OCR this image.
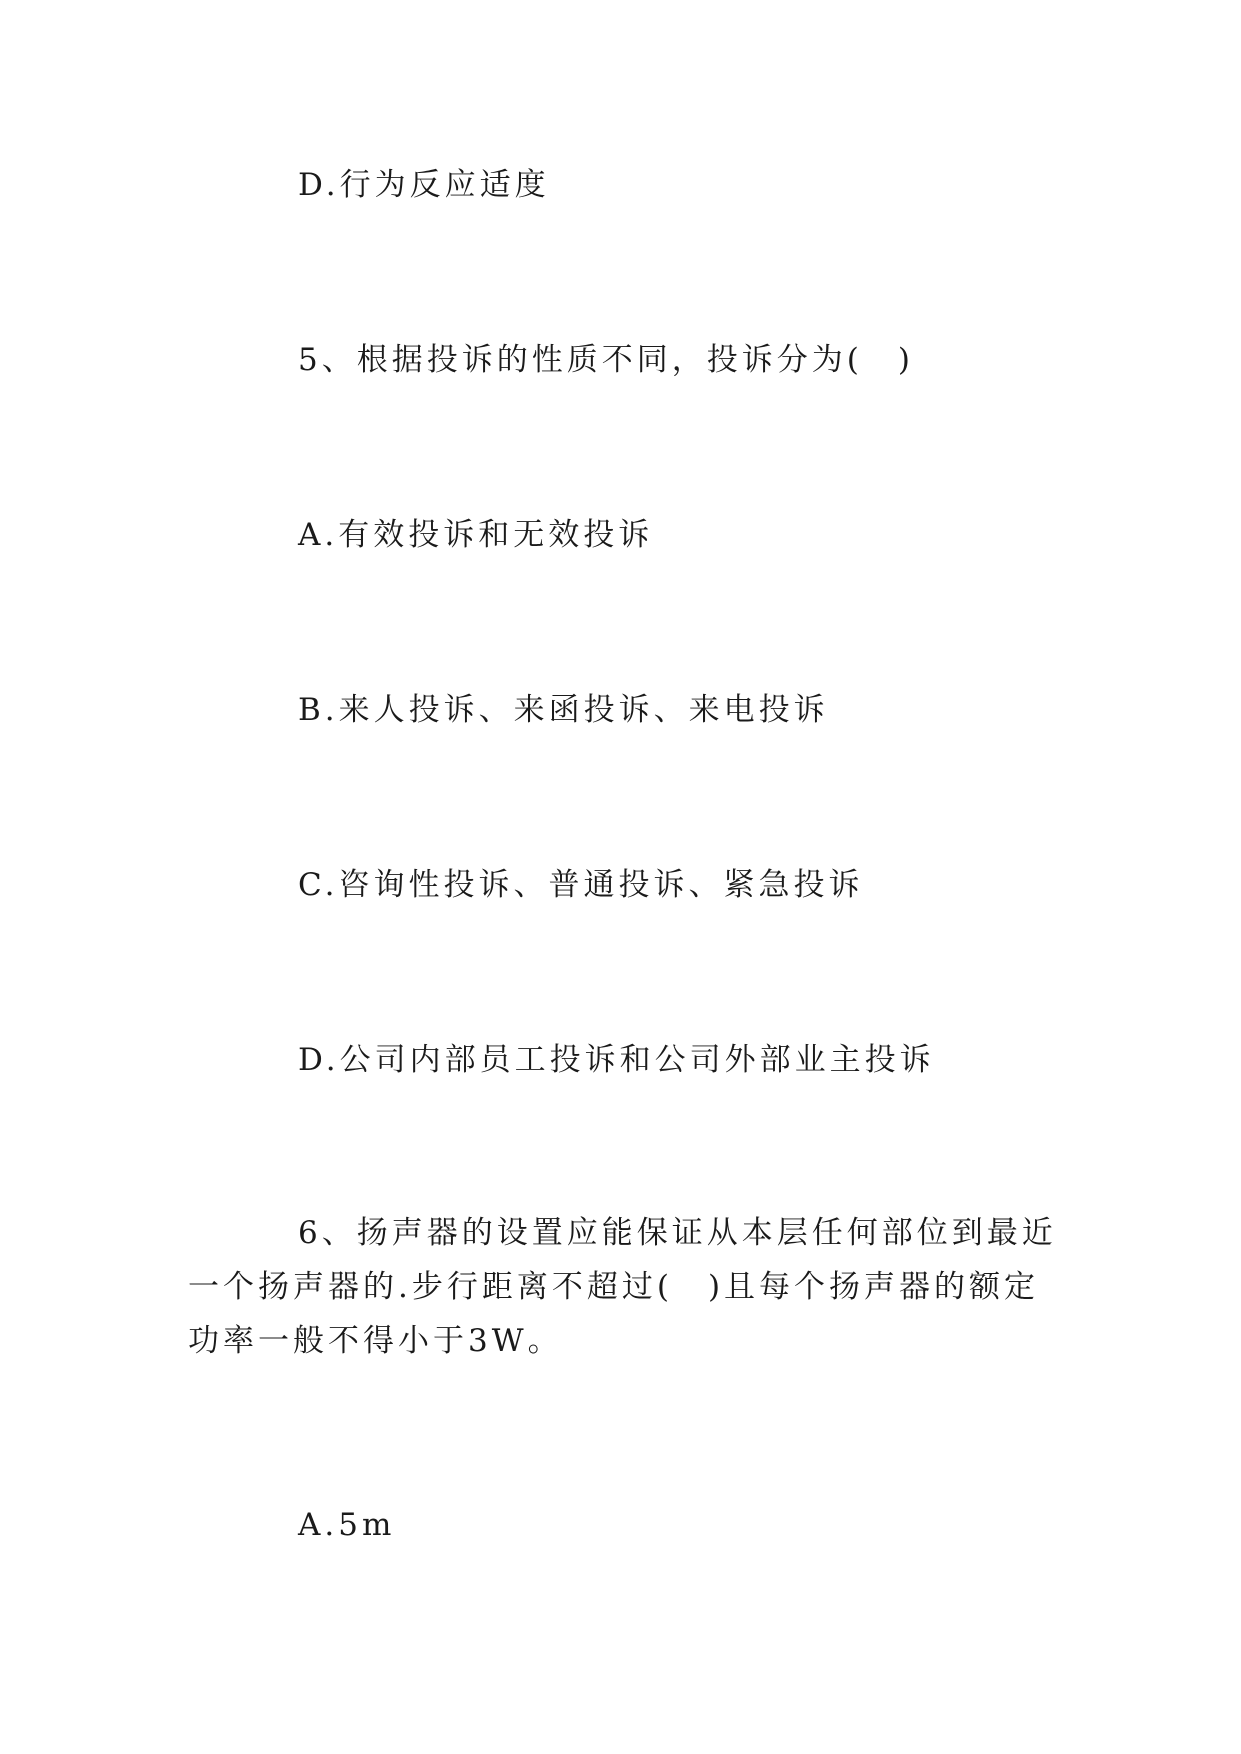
D.行为反应适度
5、根据投诉的性质不同，投诉分为(　)
A.有效投诉和无效投诉
B.来人投诉、来函投诉、来电投诉
C.咨询性投诉、普通投诉、紧急投诉
D.公司内部员工投诉和公司外部业主投诉
6、扬声器的设置应能保证从本层任何部位到最近一个扬声器的.步行距离不超过(　)且每个扬声器的额定功率一般不得小于3W。
A.5m
